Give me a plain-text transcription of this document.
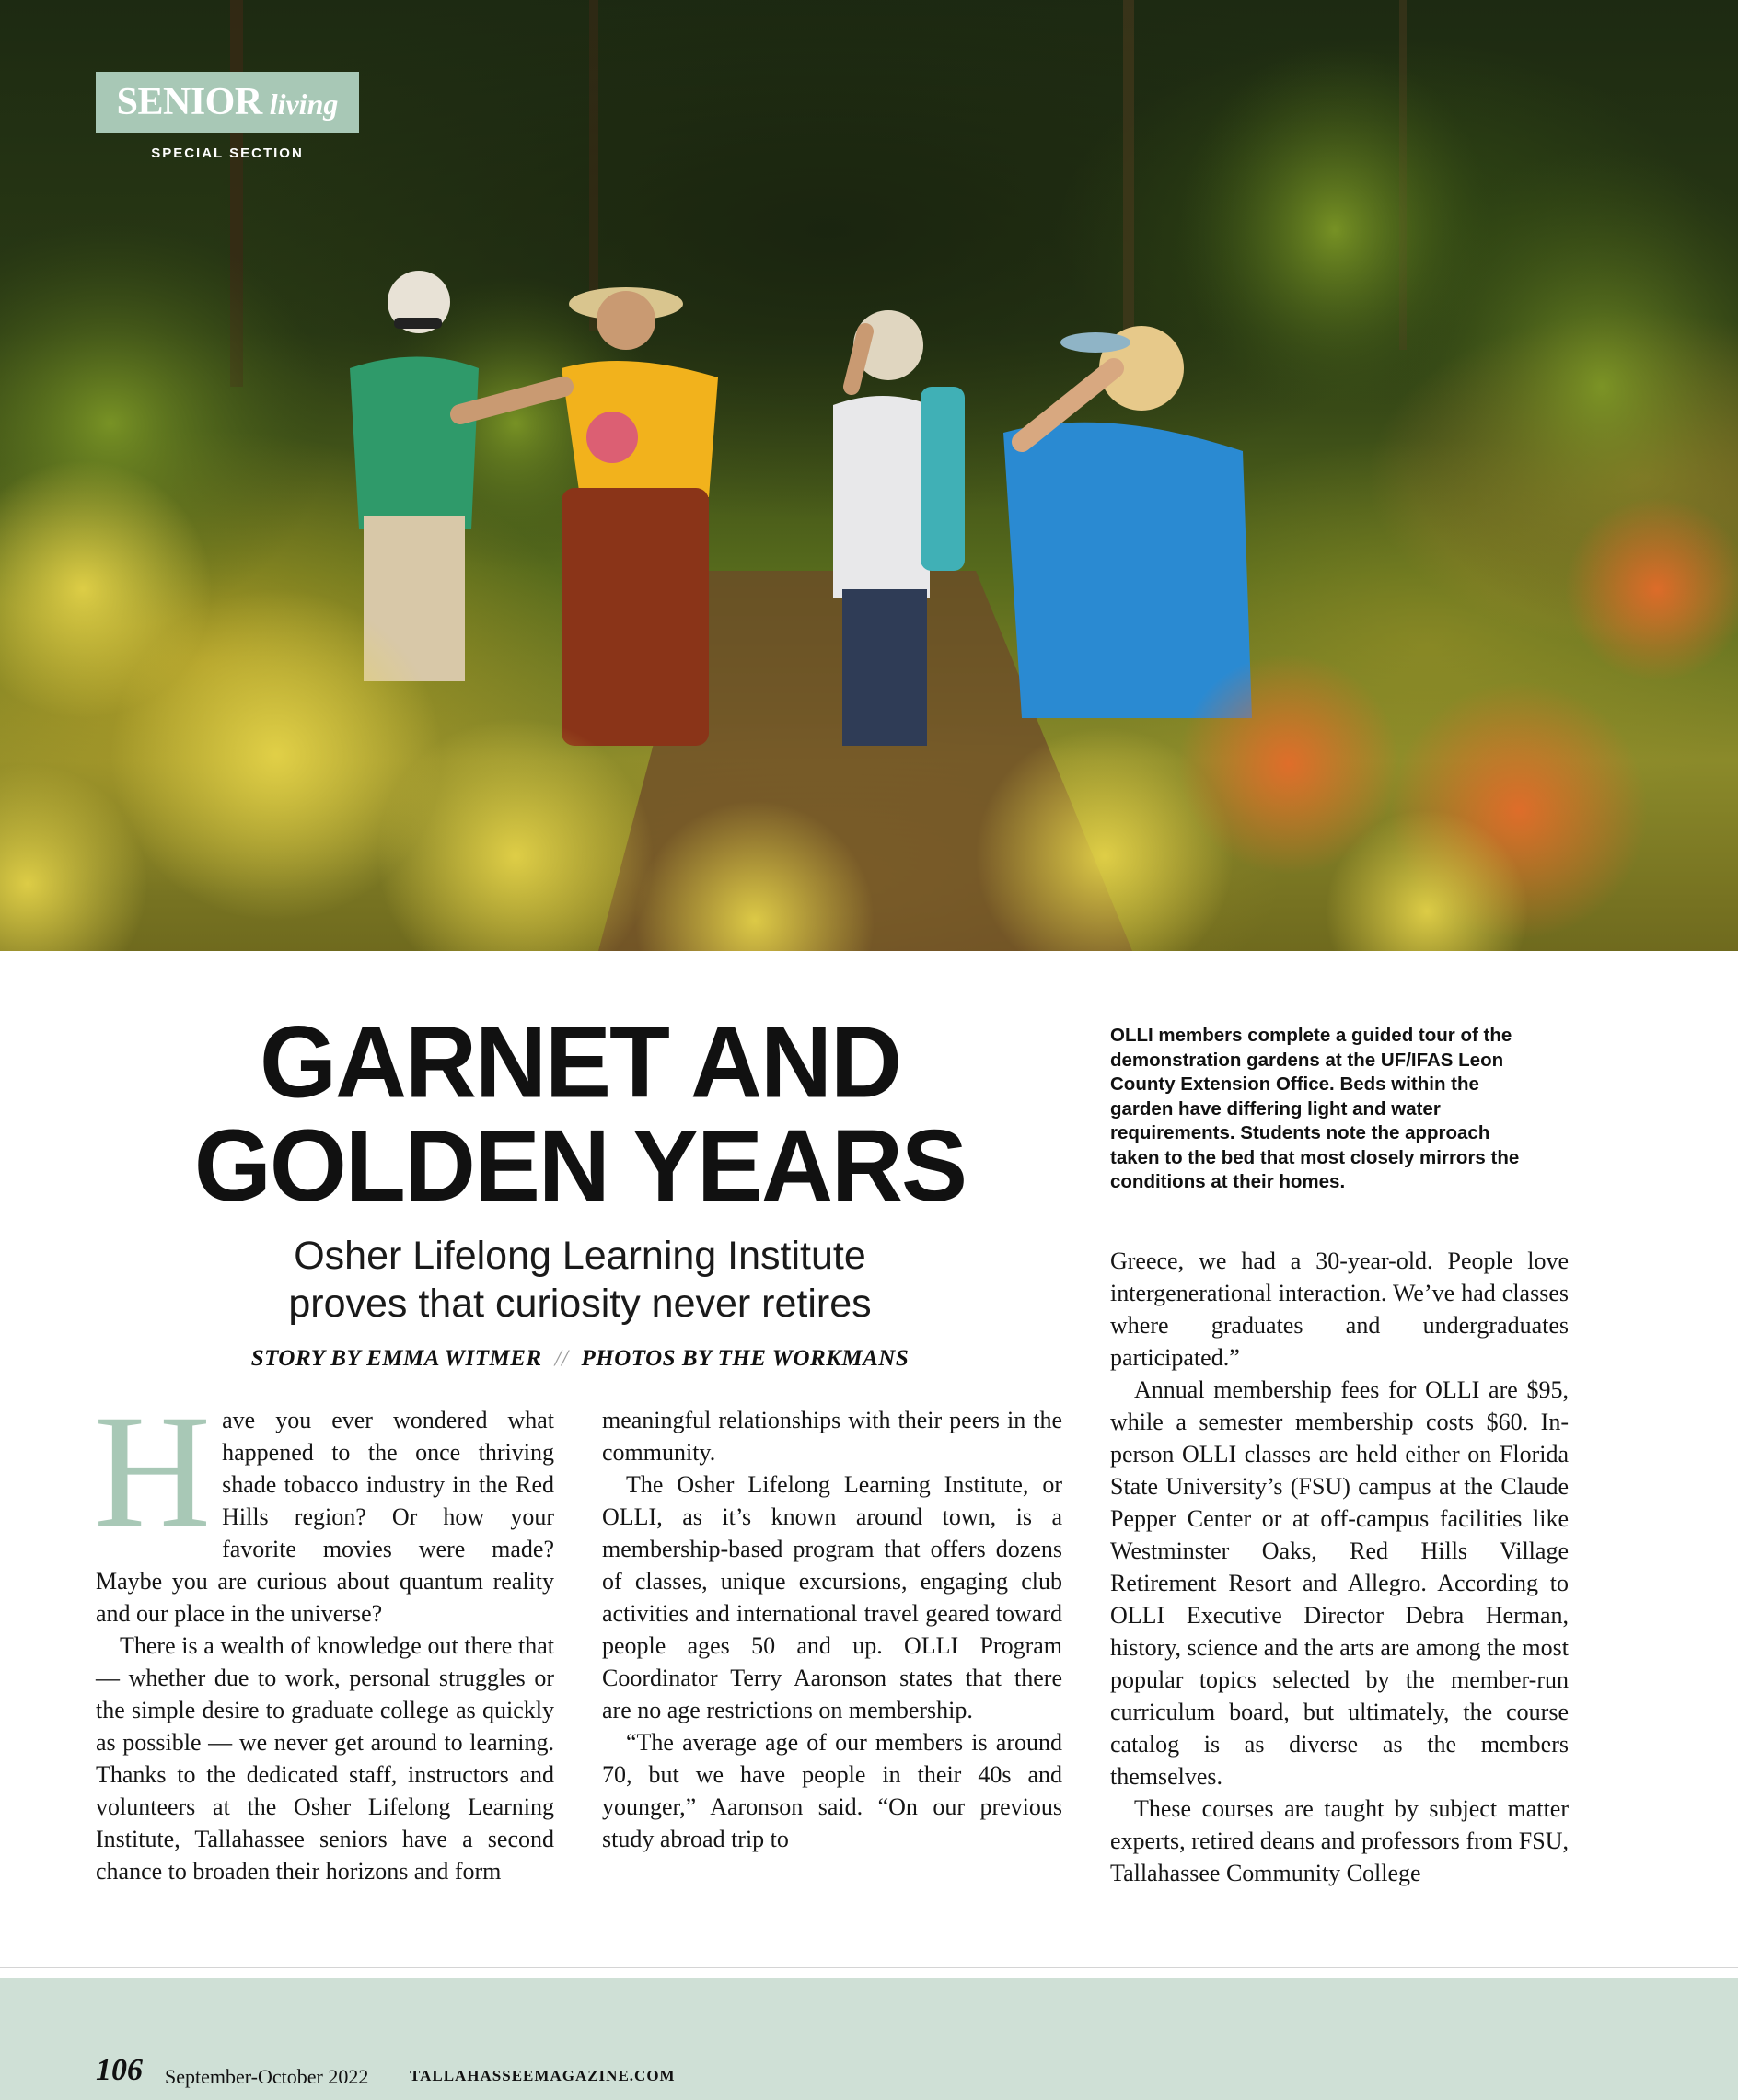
SENIOR living
SPECIAL SECTION
GARNET AND
GOLDEN YEARS
Osher Lifelong Learning Institute
proves that curiosity never retires
STORY BY EMMA WITMER // PHOTOS BY THE WORKMANS
OLLI members complete a guided tour of the demonstration gardens at the UF/IFAS Leon County Extension Office. Beds within the garden have differing light and water requirements. Students note the approach taken to the bed that most closely mirrors the conditions at their homes.

Have you ever wondered what happened to the once thriving shade tobacco industry in the Red Hills region? Or how your favorite movies were made? Maybe you are curious about quantum reality and our place in the universe?

There is a wealth of knowledge out there that — whether due to work, personal struggles or the simple desire to graduate college as quickly as possible — we never get around to learning. Thanks to the dedicated staff, instructors and volunteers at the Osher Lifelong Learning Institute, Tallahassee seniors have a second chance to broaden their horizons and form

meaningful relationships with their peers in the community.

The Osher Lifelong Learning Institute, or OLLI, as it’s known around town, is a membership-based program that offers dozens of classes, unique excursions, engaging club activities and international travel geared toward people ages 50 and up. OLLI Program Coordinator Terry Aaronson states that there are no age restrictions on membership.

“The average age of our members is around 70, but we have people in their 40s and younger,” Aaronson said. “On our previous study abroad trip to

Greece, we had a 30-year-old. People love intergenerational interaction. We’ve had classes where graduates and undergraduates participated.”

Annual membership fees for OLLI are $95, while a semester membership costs $60. In-person OLLI classes are held either on Florida State University’s (FSU) campus at the Claude Pepper Center or at off-campus facilities like Westminster Oaks, Red Hills Village Retirement Resort and Allegro. According to OLLI Executive Director Debra Herman, history, science and the arts are among the most popular topics selected by the member-run curriculum board, but ultimately, the course catalog is as diverse as the members themselves.

These courses are taught by subject matter experts, retired deans and professors from FSU, Tallahassee Community College

106 September-October 2022	TALLAHASSEEMAGAZINE.COM
